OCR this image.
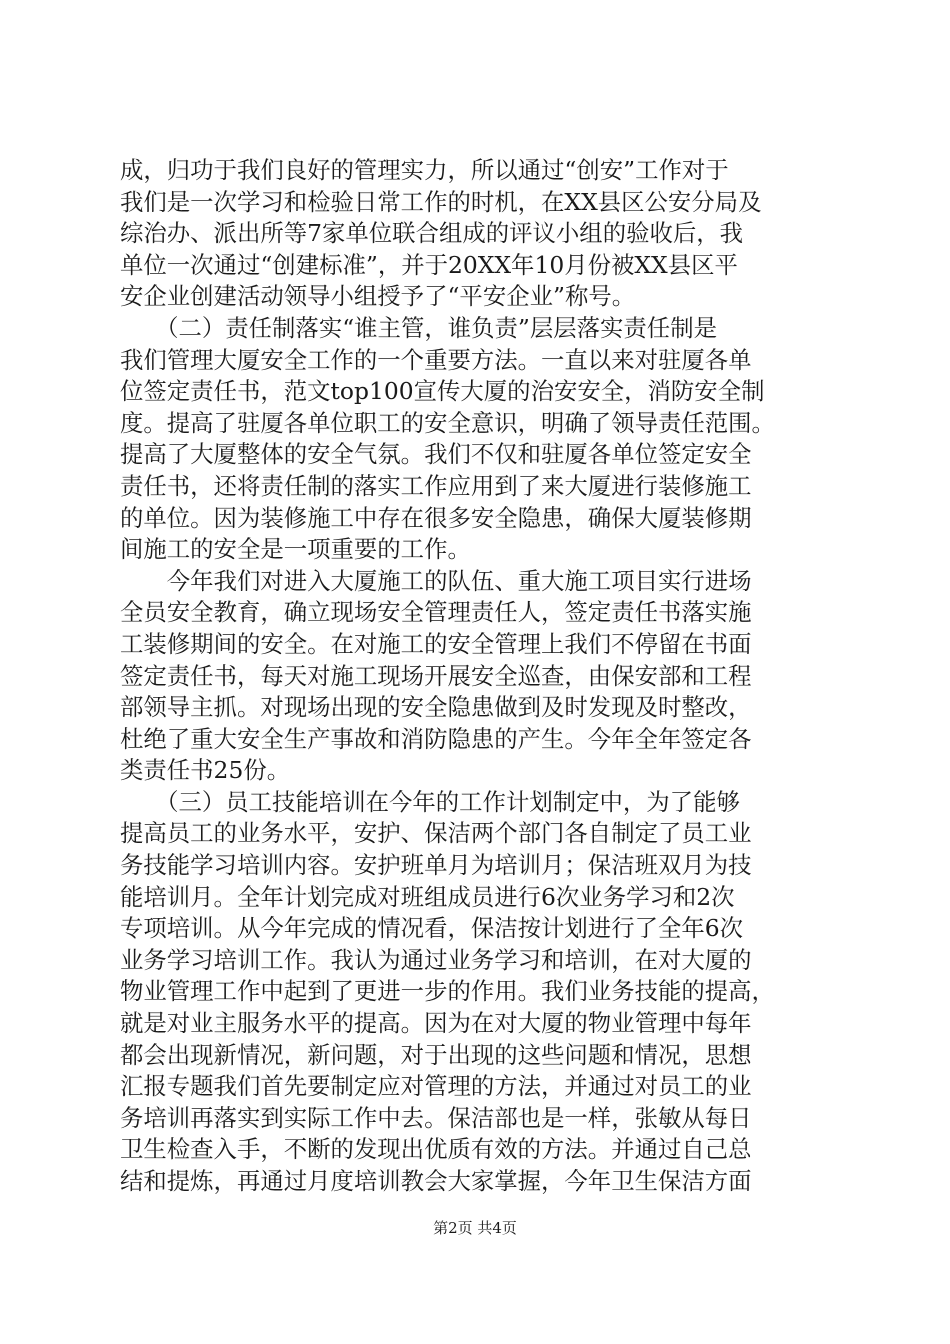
成，归功于我们良好的管理实力，所以通过“创安”工作对于
我们是一次学习和检验日常工作的时机，在XX县区公安分局及
综治办、派出所等7家单位联合组成的评议小组的验收后，我
单位一次通过“创建标准”，并于20XX年10月份被XX县区平
安企业创建活动领导小组授予了“平安企业”称号。
　　（二）责任制落实“谁主管，谁负责”层层落实责任制是
我们管理大厦安全工作的一个重要方法。一直以来对驻厦各单
位签定责任书，范文top100宣传大厦的治安安全，消防安全制
度。提高了驻厦各单位职工的安全意识，明确了领导责任范围。
提高了大厦整体的安全气氛。我们不仅和驻厦各单位签定安全
责任书，还将责任制的落实工作应用到了来大厦进行装修施工
的单位。因为装修施工中存在很多安全隐患，确保大厦装修期
间施工的安全是一项重要的工作。
　　今年我们对进入大厦施工的队伍、重大施工项目实行进场
全员安全教育，确立现场安全管理责任人，签定责任书落实施
工装修期间的安全。在对施工的安全管理上我们不停留在书面
签定责任书，每天对施工现场开展安全巡查，由保安部和工程
部领导主抓。对现场出现的安全隐患做到及时发现及时整改，
杜绝了重大安全生产事故和消防隐患的产生。今年全年签定各
类责任书25份。
　　（三）员工技能培训在今年的工作计划制定中，为了能够
提高员工的业务水平，安护、保洁两个部门各自制定了员工业
务技能学习培训内容。安护班单月为培训月；保洁班双月为技
能培训月。全年计划完成对班组成员进行6次业务学习和2次
专项培训。从今年完成的情况看，保洁按计划进行了全年6次
业务学习培训工作。我认为通过业务学习和培训，在对大厦的
物业管理工作中起到了更进一步的作用。我们业务技能的提高，
就是对业主服务水平的提高。因为在对大厦的物业管理中每年
都会出现新情况，新问题，对于出现的这些问题和情况，思想
汇报专题我们首先要制定应对管理的方法，并通过对员工的业
务培训再落实到实际工作中去。保洁部也是一样，张敏从每日
卫生检查入手，不断的发现出优质有效的方法。并通过自己总
结和提炼，再通过月度培训教会大家掌握，今年卫生保洁方面
第2页 共4页
